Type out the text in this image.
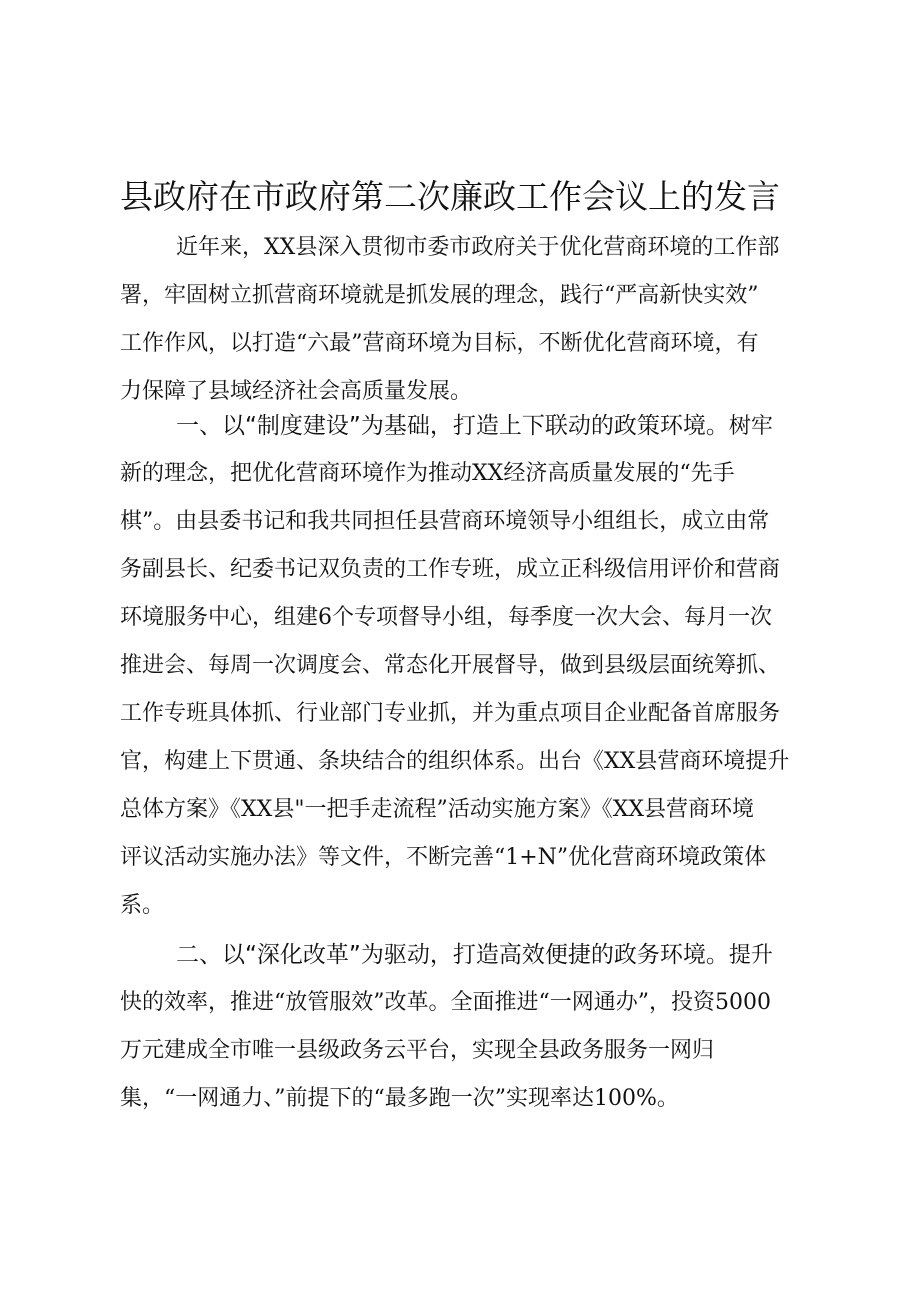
县政府在市政府第二次廉政工作会议上的发言
近年来，XX县深入贯彻市委市政府关于优化营商环境的工作部
署，牢固树立抓营商环境就是抓发展的理念，践行“严高新快实效”
工作作风，以打造“六最”营商环境为目标，不断优化营商环境，有
力保障了县域经济社会高质量发展。
一、以“制度建设”为基础，打造上下联动的政策环境。树牢
新的理念，把优化营商环境作为推动XX经济高质量发展的“先手
棋”。由县委书记和我共同担任县营商环境领导小组组长，成立由常
务副县长、纪委书记双负责的工作专班，成立正科级信用评价和营商
环境服务中心，组建6个专项督导小组，每季度一次大会、每月一次
推进会、每周一次调度会、常态化开展督导，做到县级层面统筹抓、
工作专班具体抓、行业部门专业抓，并为重点项目企业配备首席服务
官，构建上下贯通、条块结合的组织体系。出台《XX县营商环境提升
总体方案》《XX县"一把手走流程”活动实施方案》《XX县营商环境
评议活动实施办法》等文件，不断完善“1+N”优化营商环境政策体
系。
二、以“深化改革”为驱动，打造高效便捷的政务环境。提升
快的效率，推进“放管服效”改革。全面推进“一网通办”，投资5000
万元建成全市唯一县级政务云平台，实现全县政务服务一网归
集，“一网通力、”前提下的“最多跑一次”实现率达100%。
